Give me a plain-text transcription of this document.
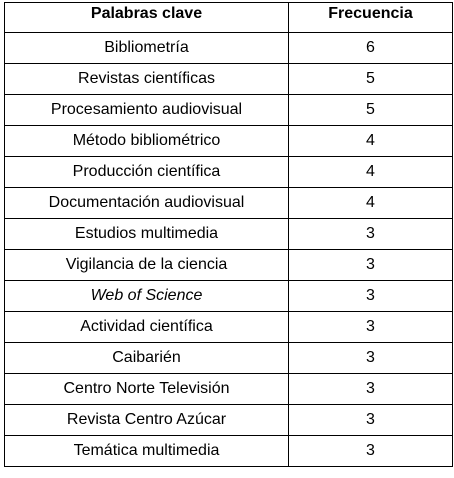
Palabras clave	Frecuencia
Bibliometría	6
Revistas científicas	5
Procesamiento audiovisual	5
Método bibliométrico	4
Producción científica	4
Documentación audiovisual	4
Estudios multimedia	3
Vigilancia de la ciencia	3
Web of Science	3
Actividad científica	3
Caibarién	3
Centro Norte Televisión	3
Revista Centro Azúcar	3
Temática multimedia	3
